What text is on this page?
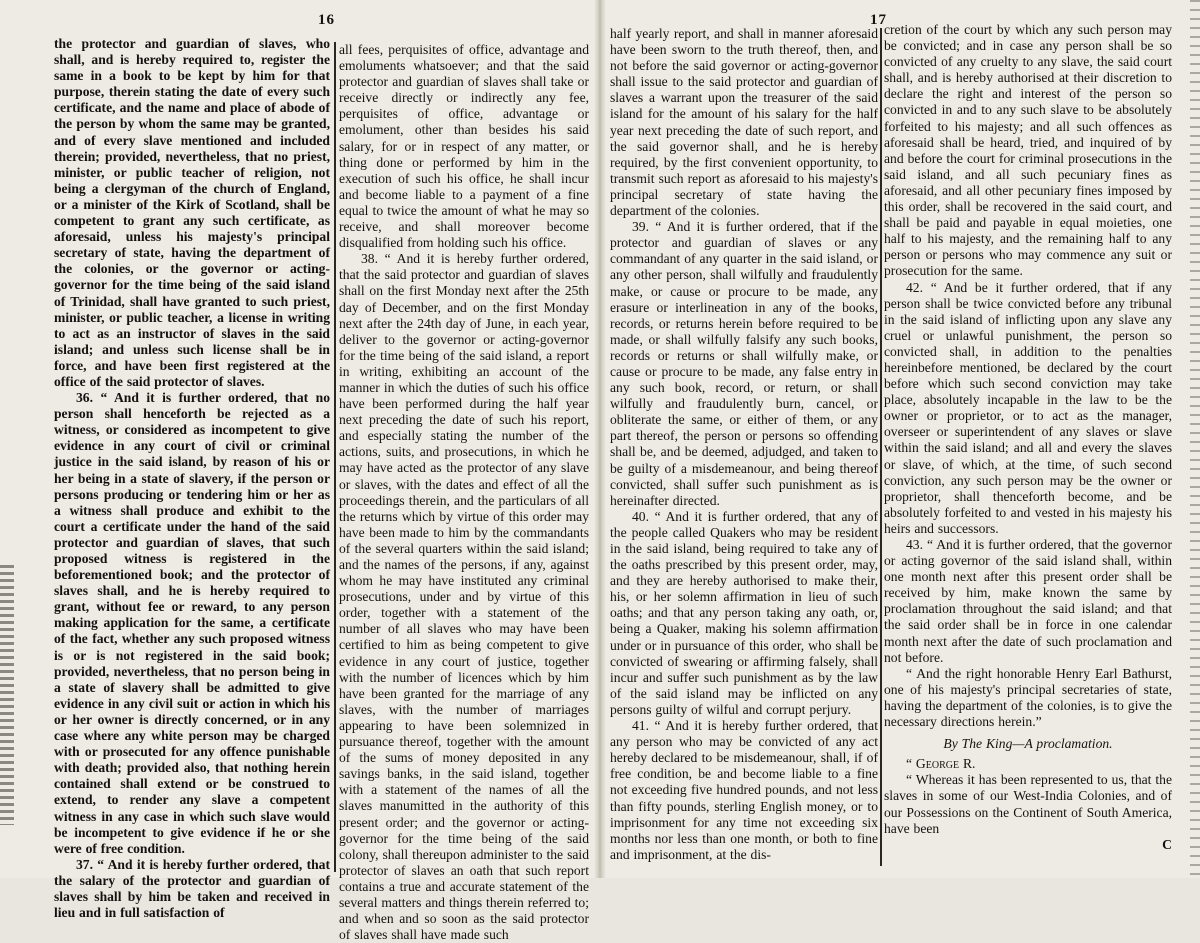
16

the protector and guardian of slaves, who shall, and is hereby required to, register the same in a book to be kept by him for that purpose, therein stating the date of every such certificate, and the name and place of abode of the person by whom the same may be granted, and of every slave mentioned and included therein; provided, nevertheless, that no priest, minister, or public teacher of religion, not being a clergyman of the church of England, or a minister of the Kirk of Scotland, shall be competent to grant any such certificate, as aforesaid, unless his majesty's principal secretary of state, having the department of the colonies, or the governor or acting-governor for the time being of the said island of Trinidad, shall have granted to such priest, minister, or public teacher, a license in writing to act as an instructor of slaves in the said island; and unless such license shall be in force, and have been first registered at the office of the said protector of slaves.

36. “ And it is further ordered, that no person shall henceforth be rejected as a witness, or considered as incompetent to give evidence in any court of civil or criminal justice in the said island, by reason of his or her being in a state of slavery, if the person or persons producing or tendering him or her as a witness shall produce and exhibit to the court a certificate under the hand of the said protector and guardian of slaves, that such proposed witness is registered in the beforementioned book; and the protector of slaves shall, and he is hereby required to grant, without fee or reward, to any person making application for the same, a certificate of the fact, whether any such proposed witness is or is not registered in the said book; provided, nevertheless, that no person being in a state of slavery shall be admitted to give evidence in any civil suit or action in which his or her owner is directly concerned, or in any case where any white person may be charged with or prosecuted for any offence punishable with death; provided also, that nothing herein contained shall extend or be construed to extend, to render any slave a competent witness in any case in which such slave would be incompetent to give evidence if he or she were of free condition.

37. “ And it is hereby further ordered, that the salary of the protector and guardian of slaves shall by him be taken and received in lieu and in full satisfaction of

all fees, perquisites of office, advantage and emoluments whatsoever; and that the said protector and guardian of slaves shall take or receive directly or indirectly any fee, perquisites of office, advantage or emolument, other than besides his said salary, for or in respect of any matter, or thing done or performed by him in the execution of such his office, he shall incur and become liable to a payment of a fine equal to twice the amount of what he may so receive, and shall moreover become disqualified from holding such his office.

38. “ And it is hereby further ordered, that the said protector and guardian of slaves shall on the first Monday next after the 25th day of December, and on the first Monday next after the 24th day of June, in each year, deliver to the governor or acting-governor for the time being of the said island, a report in writing, exhibiting an account of the manner in which the duties of such his office have been performed during the half year next preceding the date of such his report, and especially stating the number of the actions, suits, and prosecutions, in which he may have acted as the protector of any slave or slaves, with the dates and effect of all the proceedings therein, and the particulars of all the returns which by virtue of this order may have been made to him by the commandants of the several quarters within the said island; and the names of the persons, if any, against whom he may have instituted any criminal prosecutions, under and by virtue of this order, together with a statement of the number of all slaves who may have been certified to him as being competent to give evidence in any court of justice, together with the number of licences which by him have been granted for the marriage of any slaves, with the number of marriages appearing to have been solemnized in pursuance thereof, together with the amount of the sums of money deposited in any savings banks, in the said island, together with a statement of the names of all the slaves manumitted in the authority of this present order; and the governor or acting-governor for the time being of the said colony, shall thereupon administer to the said protector of slaves an oath that such report contains a true and accurate statement of the several matters and things therein referred to; and when and so soon as the said protector of slaves shall have made such

17

half yearly report, and shall in manner aforesaid have been sworn to the truth thereof, then, and not before the said governor or acting-governor shall issue to the said protector and guardian of slaves a warrant upon the treasurer of the said island for the amount of his salary for the half year next preceding the date of such report, and the said governor shall, and he is hereby required, by the first convenient opportunity, to transmit such report as aforesaid to his majesty's principal secretary of state having the department of the colonies.

39. “ And it is further ordered, that if the protector and guardian of slaves or any commandant of any quarter in the said island, or any other person, shall wilfully and fraudulently make, or cause or procure to be made, any erasure or interlineation in any of the books, records, or returns herein before required to be made, or shall wilfully falsify any such books, records or returns or shall wilfully make, or cause or procure to be made, any false entry in any such book, record, or return, or shall wilfully and fraudulently burn, cancel, or obliterate the same, or either of them, or any part thereof, the person or persons so offending shall be, and be deemed, adjudged, and taken to be guilty of a misdemeanour, and being thereof convicted, shall suffer such punishment as is hereinafter directed.

40. “ And it is further ordered, that any of the people called Quakers who may be resident in the said island, being required to take any of the oaths prescribed by this present order, may, and they are hereby authorised to make their, his, or her solemn affirmation in lieu of such oaths; and that any person taking any oath, or, being a Quaker, making his solemn affirmation under or in pursuance of this order, who shall be convicted of swearing or affirming falsely, shall incur and suffer such punishment as by the law of the said island may be inflicted on any persons guilty of wilful and corrupt perjury.

41. “ And it is hereby further ordered, that any person who may be convicted of any act hereby declared to be misdemeanour, shall, if of free condition, be and become liable to a fine not exceeding five hundred pounds, and not less than fifty pounds, sterling English money, or to imprisonment for any time not exceeding six months nor less than one month, or both to fine and imprisonment, at the dis-

cretion of the court by which any such person may be convicted; and in case any person shall be so convicted of any cruelty to any slave, the said court shall, and is hereby authorised at their discretion to declare the right and interest of the person so convicted in and to any such slave to be absolutely forfeited to his majesty; and all such offences as aforesaid shall be heard, tried, and inquired of by and before the court for criminal prosecutions in the said island, and all such pecuniary fines as aforesaid, and all other pecuniary fines imposed by this order, shall be recovered in the said court, and shall be paid and payable in equal moieties, one half to his majesty, and the remaining half to any person or persons who may commence any suit or prosecution for the same.

42. “ And be it further ordered, that if any person shall be twice convicted before any tribunal in the said island of inflicting upon any slave any cruel or unlawful punishment, the person so convicted shall, in addition to the penalties hereinbefore mentioned, be declared by the court before which such second conviction may take place, absolutely incapable in the law to be the owner or proprietor, or to act as the manager, overseer or superintendent of any slaves or slave within the said island; and all and every the slaves or slave, of which, at the time, of such second conviction, any such person may be the owner or proprietor, shall thenceforth become, and be absolutely forfeited to and vested in his majesty his heirs and successors.

43. “ And it is further ordered, that the governor or acting governor of the said island shall, within one month next after this present order shall be received by him, make known the same by proclamation throughout the said island; and that the said order shall be in force in one calendar month next after the date of such proclamation and not before.

“ And the right honorable Henry Earl Bathurst, one of his majesty's principal secretaries of state, having the department of the colonies, is to give the necessary directions herein.”

By The King—A proclamation.

“ George R.

“ Whereas it has been represented to us, that the slaves in some of our West-India Colonies, and of our Possessions on the Continent of South America, have been

C
